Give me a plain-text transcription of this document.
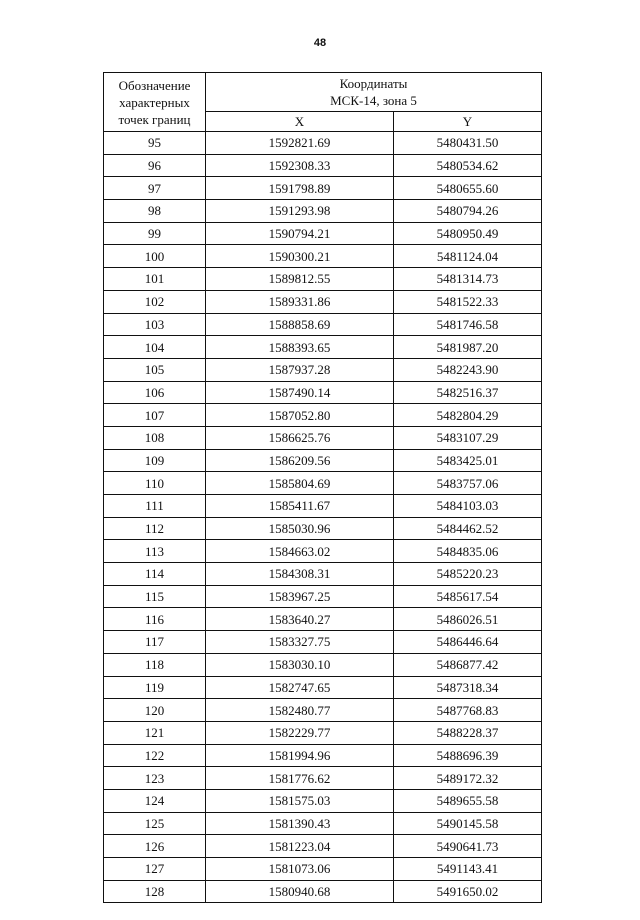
48
Обозначение
характерных
точек границ	Координаты
МСК-14, зона 5	

	X	Y
95	1592821.69	5480431.50
96	1592308.33	5480534.62
97	1591798.89	5480655.60
98	1591293.98	5480794.26
99	1590794.21	5480950.49
100	1590300.21	5481124.04
101	1589812.55	5481314.73
102	1589331.86	5481522.33
103	1588858.69	5481746.58
104	1588393.65	5481987.20
105	1587937.28	5482243.90
106	1587490.14	5482516.37
107	1587052.80	5482804.29
108	1586625.76	5483107.29
109	1586209.56	5483425.01
110	1585804.69	5483757.06
111	1585411.67	5484103.03
112	1585030.96	5484462.52
113	1584663.02	5484835.06
114	1584308.31	5485220.23
115	1583967.25	5485617.54
116	1583640.27	5486026.51
117	1583327.75	5486446.64
118	1583030.10	5486877.42
119	1582747.65	5487318.34
120	1582480.77	5487768.83
121	1582229.77	5488228.37
122	1581994.96	5488696.39
123	1581776.62	5489172.32
124	1581575.03	5489655.58
125	1581390.43	5490145.58
126	1581223.04	5490641.73
127	1581073.06	5491143.41
128	1580940.68	5491650.02
